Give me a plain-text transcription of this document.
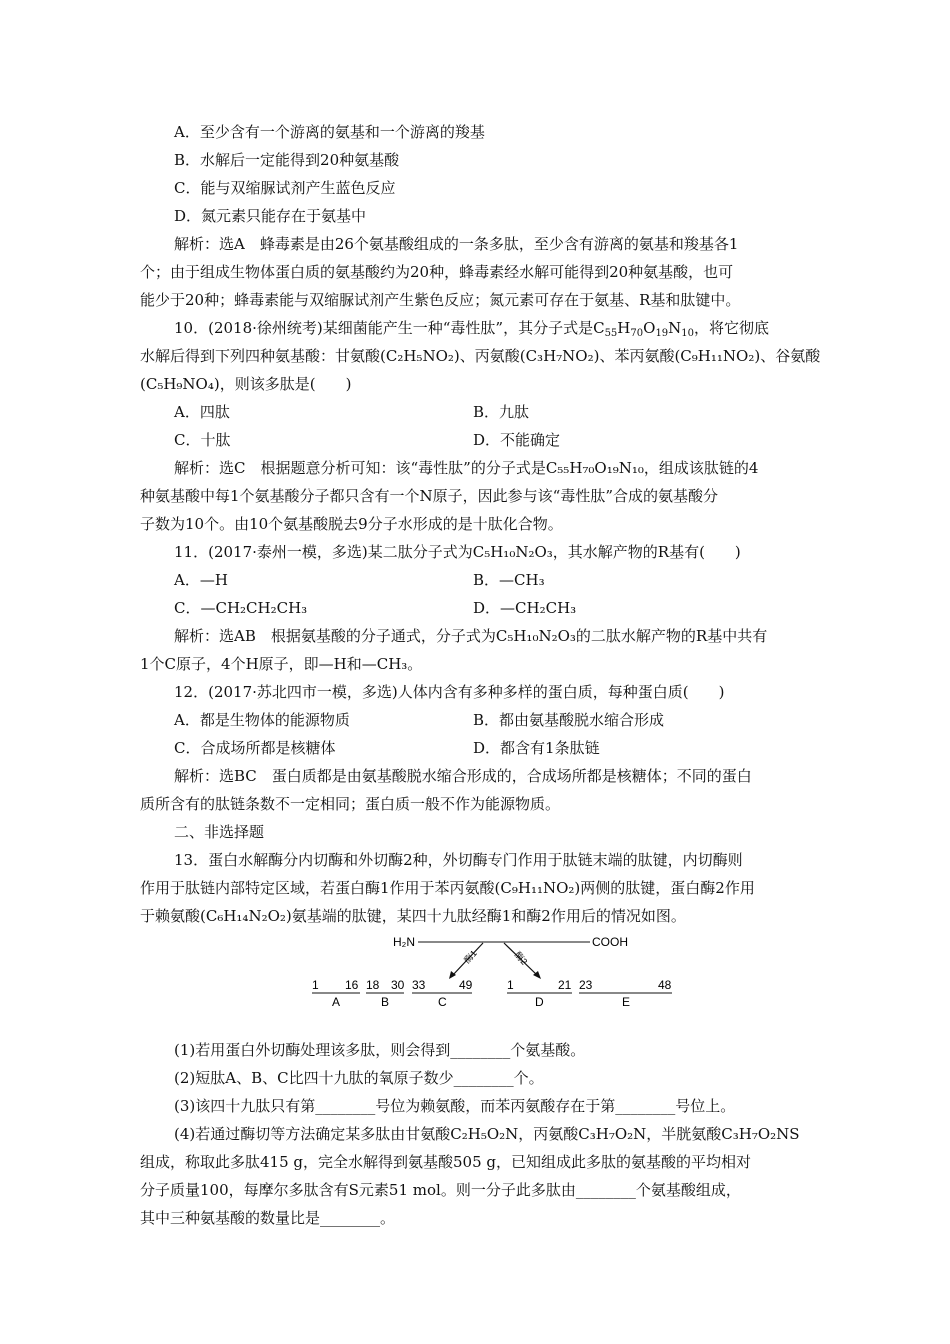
A．至少含有一个游离的氨基和一个游离的羧基
B．水解后一定能得到20种氨基酸
C．能与双缩脲试剂产生蓝色反应
D．氮元素只能存在于氨基中
解析：选A　蜂毒素是由26个氨基酸组成的一条多肽，至少含有游离的氨基和羧基各1
个；由于组成生物体蛋白质的氨基酸约为20种，蜂毒素经水解可能得到20种氨基酸，也可
能少于20种；蜂毒素能与双缩脲试剂产生紫色反应；氮元素可存在于氨基、R基和肽键中。
10．(2018·徐州统考)某细菌能产生一种“毒性肽”，其分子式是$C_{55}H_{70}O_{19}N_{10}$，将它彻底
水解后得到下列四种氨基酸：甘氨酸(C₂H₅NO₂)、丙氨酸(C₃H₇NO₂)、苯丙氨酸(C₉H₁₁NO₂)、谷氨酸
(C₅H₉NO₄)，则该多肽是(　　)
A．四肽	B．九肽
C．十肽	D．不能确定
解析：选C　根据题意分析可知：该“毒性肽”的分子式是C₅₅H₇₀O₁₉N₁₀，组成该肽链的4
种氨基酸中每1个氨基酸分子都只含有一个N原子，因此参与该“毒性肽”合成的氨基酸分
子数为10个。由10个氨基酸脱去9分子水形成的是十肽化合物。
11．(2017·泰州一模，多选)某二肽分子式为C₅H₁₀N₂O₃，其水解产物的R基有(　　)
A．—H	B．—CH₃
C．—CH₂CH₂CH₃	D．—CH₂CH₃
解析：选AB　根据氨基酸的分子通式，分子式为C₅H₁₀N₂O₃的二肽水解产物的R基中共有
1个C原子，4个H原子，即—H和—CH₃。
12．(2017·苏北四市一模，多选)人体内含有多种多样的蛋白质，每种蛋白质(　　)
A．都是生物体的能源物质	B．都由氨基酸脱水缩合形成
C．合成场所都是核糖体	D．都含有1条肽链
解析：选BC　蛋白质都是由氨基酸脱水缩合形成的，合成场所都是核糖体；不同的蛋白
质所含有的肽链条数不一定相同；蛋白质一般不作为能源物质。
二、非选择题
13．蛋白水解酶分内切酶和外切酶2种，外切酶专门作用于肽链末端的肽键，内切酶则
作用于肽链内部特定区域，若蛋白酶1作用于苯丙氨酸(C₉H₁₁NO₂)两侧的肽键，蛋白酶2作用
于赖氨酸(C₆H₁₄N₂O₂)氨基端的肽键，某四十九肽经酶1和酶2作用后的情况如图。
H₂N	COOH
酶1	酶2
1 16 18 30 33	49	1	21 23	48
A	B	C	D	E
(1)若用蛋白外切酶处理该多肽，则会得到________个氨基酸。
(2)短肽A、B、C比四十九肽的氧原子数少________个。
(3)该四十九肽只有第________号位为赖氨酸，而苯丙氨酸存在于第________号位上。
(4)若通过酶切等方法确定某多肽由甘氨酸C₂H₅O₂N，丙氨酸C₃H₇O₂N，半胱氨酸C₃H₇O₂NS
组成，称取此多肽415 g，完全水解得到氨基酸505 g，已知组成此多肽的氨基酸的平均相对
分子质量100，每摩尔多肽含有S元素51 mol。则一分子此多肽由________个氨基酸组成，
其中三种氨基酸的数量比是________。
